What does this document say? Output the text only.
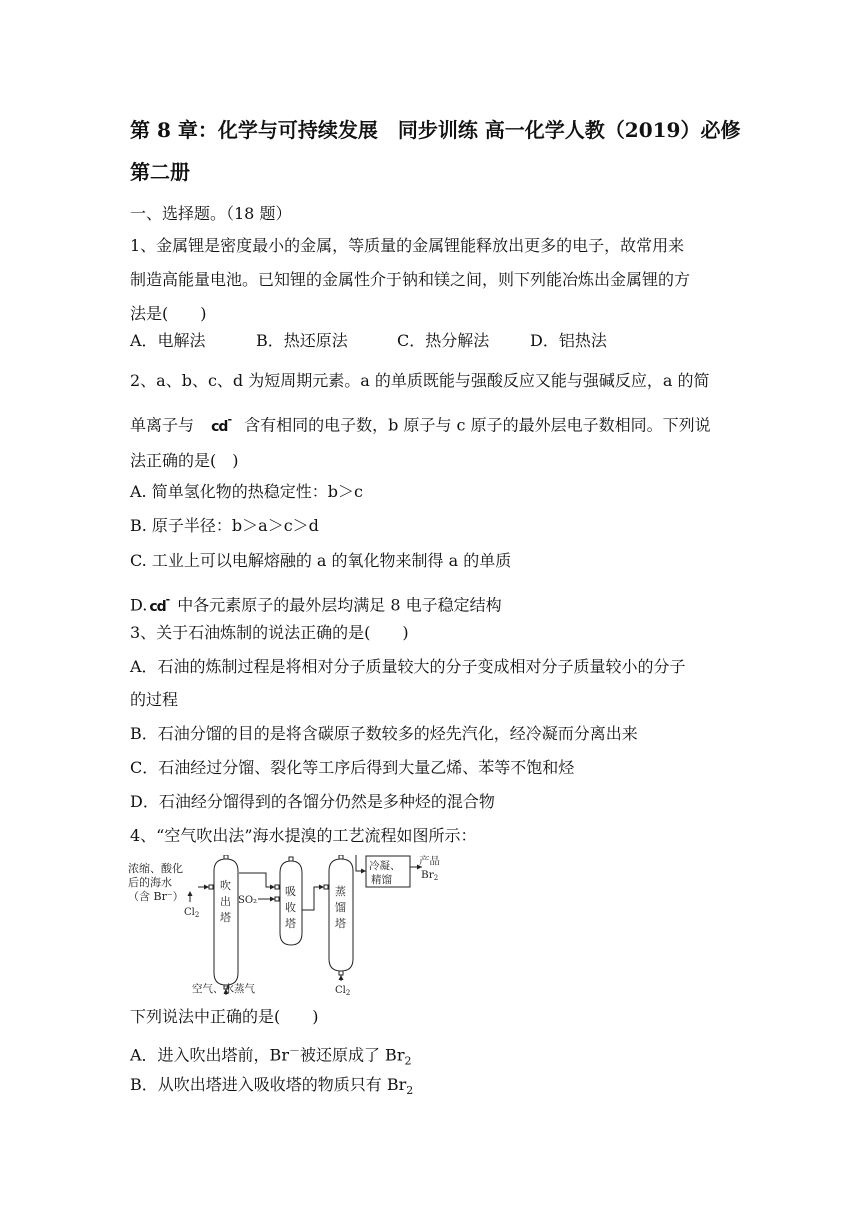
第 8 章：化学与可持续发展　同步训练 高一化学人教（2019）必修
第二册
一、选择题。（18 题）
1、金属锂是密度最小的金属，等质量的金属锂能释放出更多的电子，故常用来
制造高能量电池。已知锂的金属性介于钠和镁之间，则下列能冶炼出金属锂的方
法是(　　)
A．电解法	B．热还原法	C．热分解法	D．铝热法
2、a、b、c、d 为短周期元素。a 的单质既能与强酸反应又能与强碱反应，a 的简
单离子与 cd- 含有相同的电子数，b 原子与 c 原子的最外层电子数相同。下列说
法正确的是(　)
A. 简单氢化物的热稳定性：b＞c
B. 原子半径：b＞a＞c＞d
C. 工业上可以电解熔融的 a 的氧化物来制得 a 的单质
D. cd- 中各元素原子的最外层均满足 8 电子稳定结构
3、关于石油炼制的说法正确的是(　　)
A．石油的炼制过程是将相对分子质量较大的分子变成相对分子质量较小的分子
的过程
B．石油分馏的目的是将含碳原子数较多的烃先汽化，经冷凝而分离出来
C．石油经过分馏、裂化等工序后得到大量乙烯、苯等不饱和烃
D．石油经分馏得到的各馏分仍然是多种烃的混合物
4、“空气吹出法”海水提溴的工艺流程如图所示：
浓缩、酸化
后的海水
（含 Br⁻）
$Cl_2$
吹
出
塔
SO₂
吸
收
塔
蒸
馏
塔
冷凝、
精馏
产品
Br2
空气、水蒸气	$Cl_2$
下列说法中正确的是(　　)
A．进入吹出塔前，Br－被还原成了 $Br_2$
B．从吹出塔进入吸收塔的物质只有 $Br_2$
